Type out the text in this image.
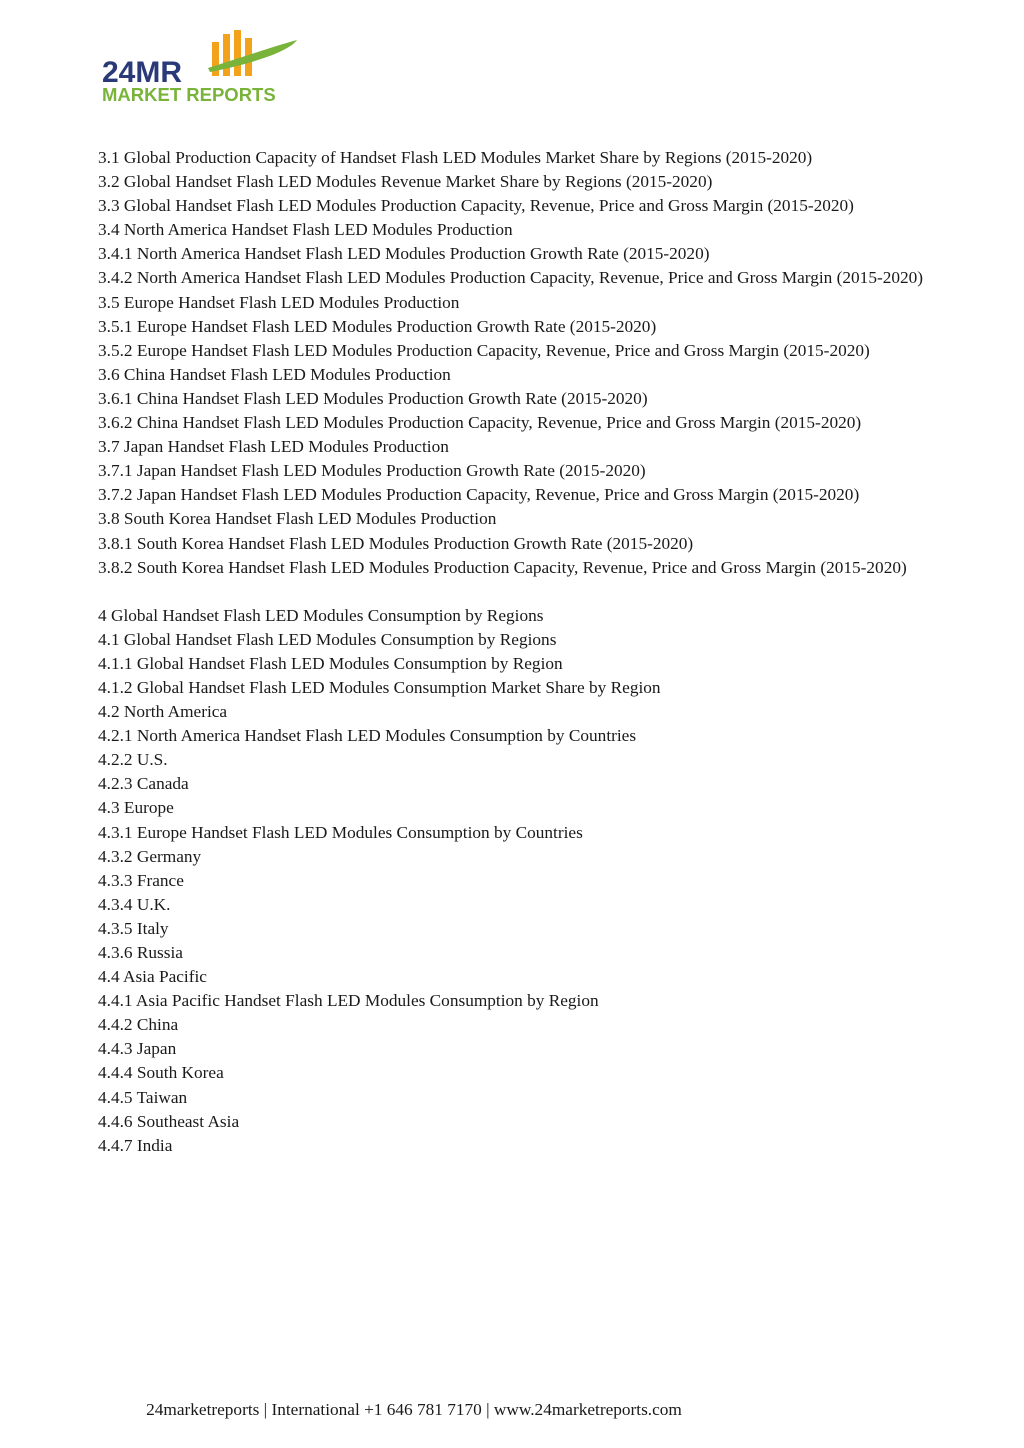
24MR
MARKET REPORTS
3.1 Global Production Capacity of Handset Flash LED Modules Market Share by Regions (2015-2020)
3.2 Global Handset Flash LED Modules Revenue Market Share by Regions (2015-2020)
3.3 Global Handset Flash LED Modules Production Capacity, Revenue, Price and Gross Margin (2015-2020)
3.4 North America Handset Flash LED Modules Production
3.4.1 North America Handset Flash LED Modules Production Growth Rate (2015-2020)
3.4.2 North America Handset Flash LED Modules Production Capacity, Revenue, Price and Gross Margin (2015-2020)
3.5 Europe Handset Flash LED Modules Production
3.5.1 Europe Handset Flash LED Modules Production Growth Rate (2015-2020)
3.5.2 Europe Handset Flash LED Modules Production Capacity, Revenue, Price and Gross Margin (2015-2020)
3.6 China Handset Flash LED Modules Production
3.6.1 China Handset Flash LED Modules Production Growth Rate (2015-2020)
3.6.2 China Handset Flash LED Modules Production Capacity, Revenue, Price and Gross Margin (2015-2020)
3.7 Japan Handset Flash LED Modules Production
3.7.1 Japan Handset Flash LED Modules Production Growth Rate (2015-2020)
3.7.2 Japan Handset Flash LED Modules Production Capacity, Revenue, Price and Gross Margin (2015-2020)
3.8 South Korea Handset Flash LED Modules Production
3.8.1 South Korea Handset Flash LED Modules Production Growth Rate (2015-2020)
3.8.2 South Korea Handset Flash LED Modules Production Capacity, Revenue, Price and Gross Margin (2015-2020)
4 Global Handset Flash LED Modules Consumption by Regions
4.1 Global Handset Flash LED Modules Consumption by Regions
4.1.1 Global Handset Flash LED Modules Consumption by Region
4.1.2 Global Handset Flash LED Modules Consumption Market Share by Region
4.2 North America
4.2.1 North America Handset Flash LED Modules Consumption by Countries
4.2.2 U.S.
4.2.3 Canada
4.3 Europe
4.3.1 Europe Handset Flash LED Modules Consumption by Countries
4.3.2 Germany
4.3.3 France
4.3.4 U.K.
4.3.5 Italy
4.3.6 Russia
4.4 Asia Pacific
4.4.1 Asia Pacific Handset Flash LED Modules Consumption by Region
4.4.2 China
4.4.3 Japan
4.4.4 South Korea
4.4.5 Taiwan
4.4.6 Southeast Asia
4.4.7 India
24marketreports | International +1 646 781 7170 | www.24marketreports.com
